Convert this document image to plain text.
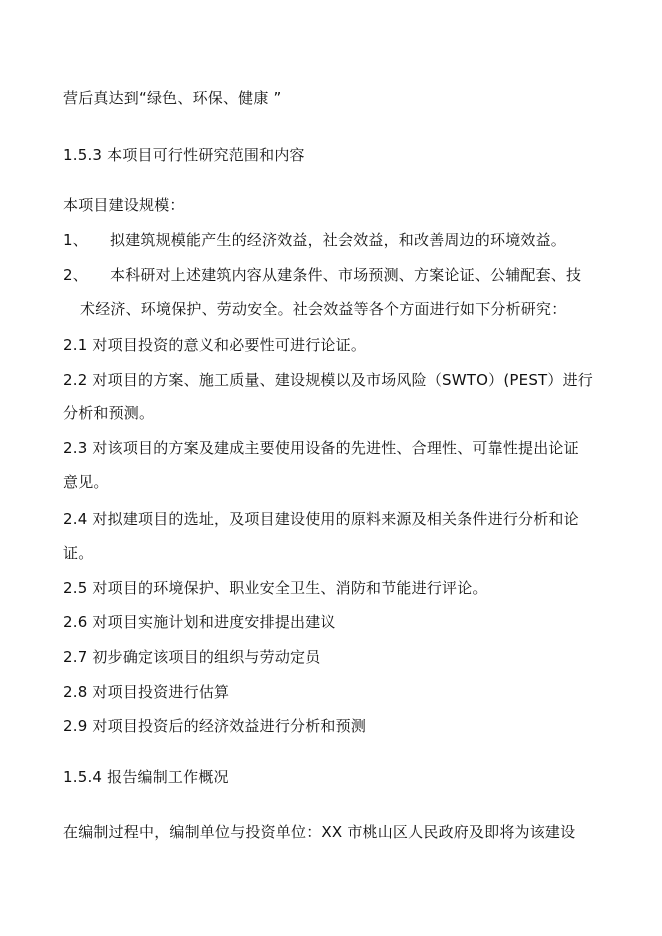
营后真达到“绿色、环保、健康 ”
1.5.3 本项目可行性研究范围和内容
本项目建设规模：
1、 拟建筑规模能产生的经济效益，社会效益，和改善周边的环境效益。
2、 本科研对上述建筑内容从建条件、市场预测、方案论证、公辅配套、技
术经济、环境保护、劳动安全。社会效益等各个方面进行如下分析研究：
2.1 对项目投资的意义和必要性可进行论证。
2.2 对项目的方案、施工质量、建设规模以及市场风险（SWTO）(PEST）进行
分析和预测。
2.3 对该项目的方案及建成主要使用设备的先进性、合理性、可靠性提出论证
意见。
2.4 对拟建项目的选址，及项目建设使用的原料来源及相关条件进行分析和论
证。
2.5 对项目的环境保护、职业安全卫生、消防和节能进行评论。
2.6 对项目实施计划和进度安排提出建议
2.7 初步确定该项目的组织与劳动定员
2.8 对项目投资进行估算
2.9 对项目投资后的经济效益进行分析和预测
1.5.4 报告编制工作概况
在编制过程中，编制单位与投资单位：XX 市桃山区人民政府及即将为该建设
